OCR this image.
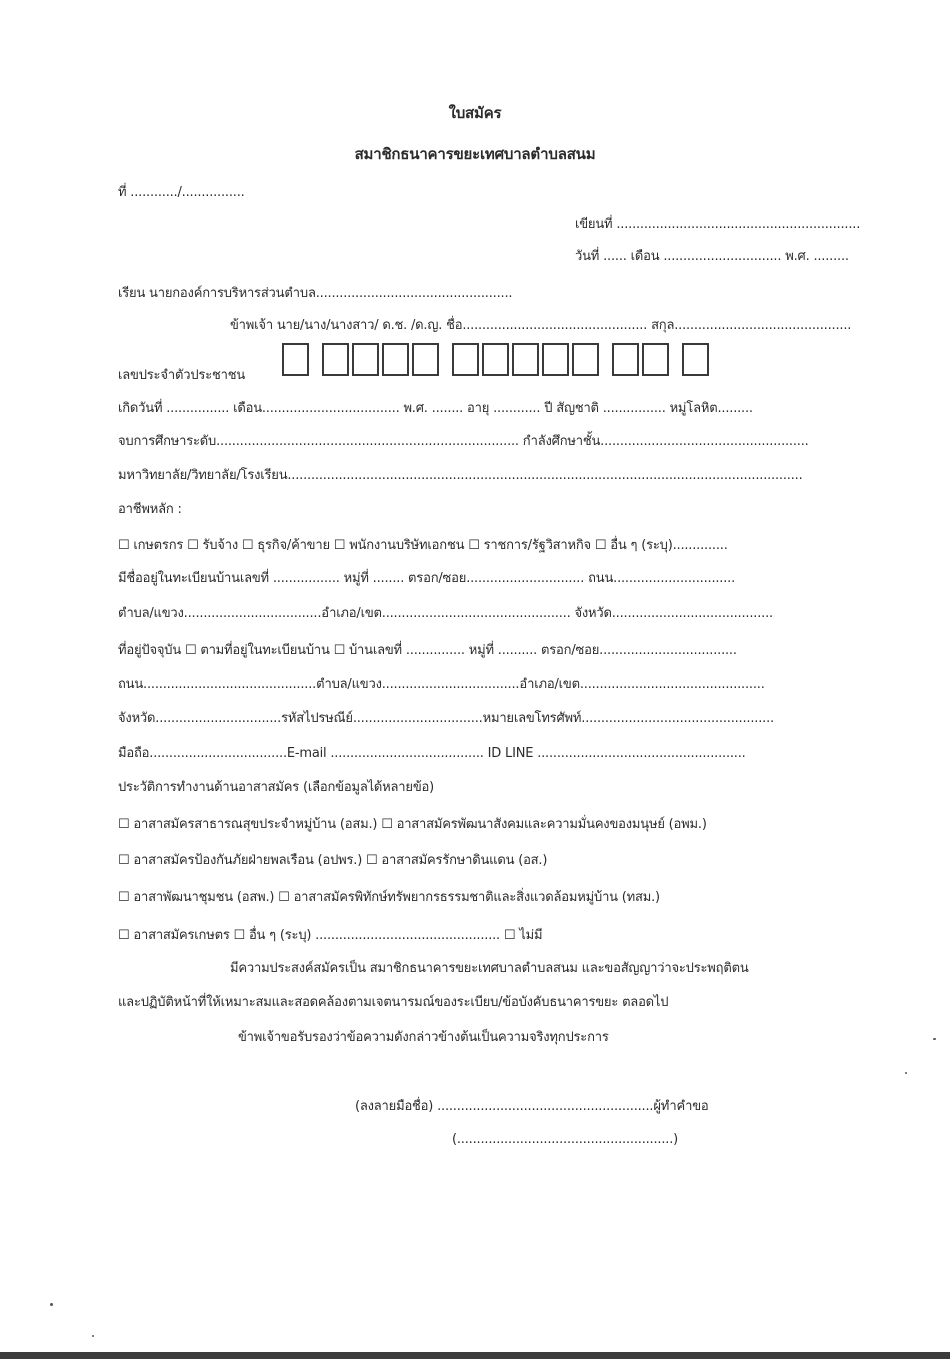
ใบสมัคร
สมาชิกธนาคารขยะเทศบาลตำบลสนม
ที่ ............/................
เขียนที่ ..............................................................
วันที่ ...... เดือน .............................. พ.ศ. .........
เรียน นายกองค์การบริหารส่วนตำบล..................................................
ข้าพเจ้า นาย/นาง/นางสาว/ ด.ช. /ด.ญ. ชื่อ............................................... สกุล.............................................
เลขประจำตัวประชาชน
เกิดวันที่ ................ เดือน................................... พ.ศ. ........ อายุ ............ ปี สัญชาติ ................ หมู่โลหิต.........
จบการศึกษาระดับ............................................................................. กำลังศึกษาชั้น.....................................................
มหาวิทยาลัย/วิทยาลัย/โรงเรียน...................................................................................................................................
อาชีพหลัก :
☐ เกษตรกร ☐ รับจ้าง ☐ ธุรกิจ/ค้าขาย ☐ พนักงานบริษัทเอกชน ☐ ราชการ/รัฐวิสาหกิจ ☐ อื่น ๆ (ระบุ)..............
มีชื่ออยู่ในทะเบียนบ้านเลขที่ ................. หมู่ที่ ........ ตรอก/ซอย.............................. ถนน...............................
ตำบล/แขวง...................................อำเภอ/เขต................................................ จังหวัด.........................................
ที่อยู่ปัจจุบัน ☐ ตามที่อยู่ในทะเบียนบ้าน ☐ บ้านเลขที่ ............... หมู่ที่ .......... ตรอก/ซอย...................................
ถนน............................................ตำบล/แขวง...................................อำเภอ/เขต...............................................
จังหวัด................................รหัสไปรษณีย์.................................หมายเลขโทรศัพท์.................................................
มือถือ...................................E-mail ....................................... ID LINE .....................................................
ประวัติการทำงานด้านอาสาสมัคร (เลือกข้อมูลได้หลายข้อ)
☐ อาสาสมัครสาธารณสุขประจำหมู่บ้าน (อสม.) ☐ อาสาสมัครพัฒนาสังคมและความมั่นคงของมนุษย์ (อพม.)
☐ อาสาสมัครป้องกันภัยฝ่ายพลเรือน (อปพร.) ☐ อาสาสมัครรักษาดินแดน (อส.)
☐ อาสาพัฒนาชุมชน (อสพ.) ☐ อาสาสมัครพิทักษ์ทรัพยากรธรรมชาติและสิ่งแวดล้อมหมู่บ้าน (ทสม.)
☐ อาสาสมัครเกษตร ☐ อื่น ๆ (ระบุ) ............................................... ☐ ไม่มี
มีความประสงค์สมัครเป็น สมาชิกธนาคารขยะเทศบาลตำบลสนม และขอสัญญาว่าจะประพฤติตน
และปฏิบัติหน้าที่ให้เหมาะสมและสอดคล้องตามเจตนารมณ์ของระเบียบ/ข้อบังคับธนาคารขยะ ตลอดไป
ข้าพเจ้าขอรับรองว่าข้อความดังกล่าวข้างต้นเป็นความจริงทุกประการ
(ลงลายมือชื่อ) .......................................................ผู้ทำคำขอ
(.......................................................)
